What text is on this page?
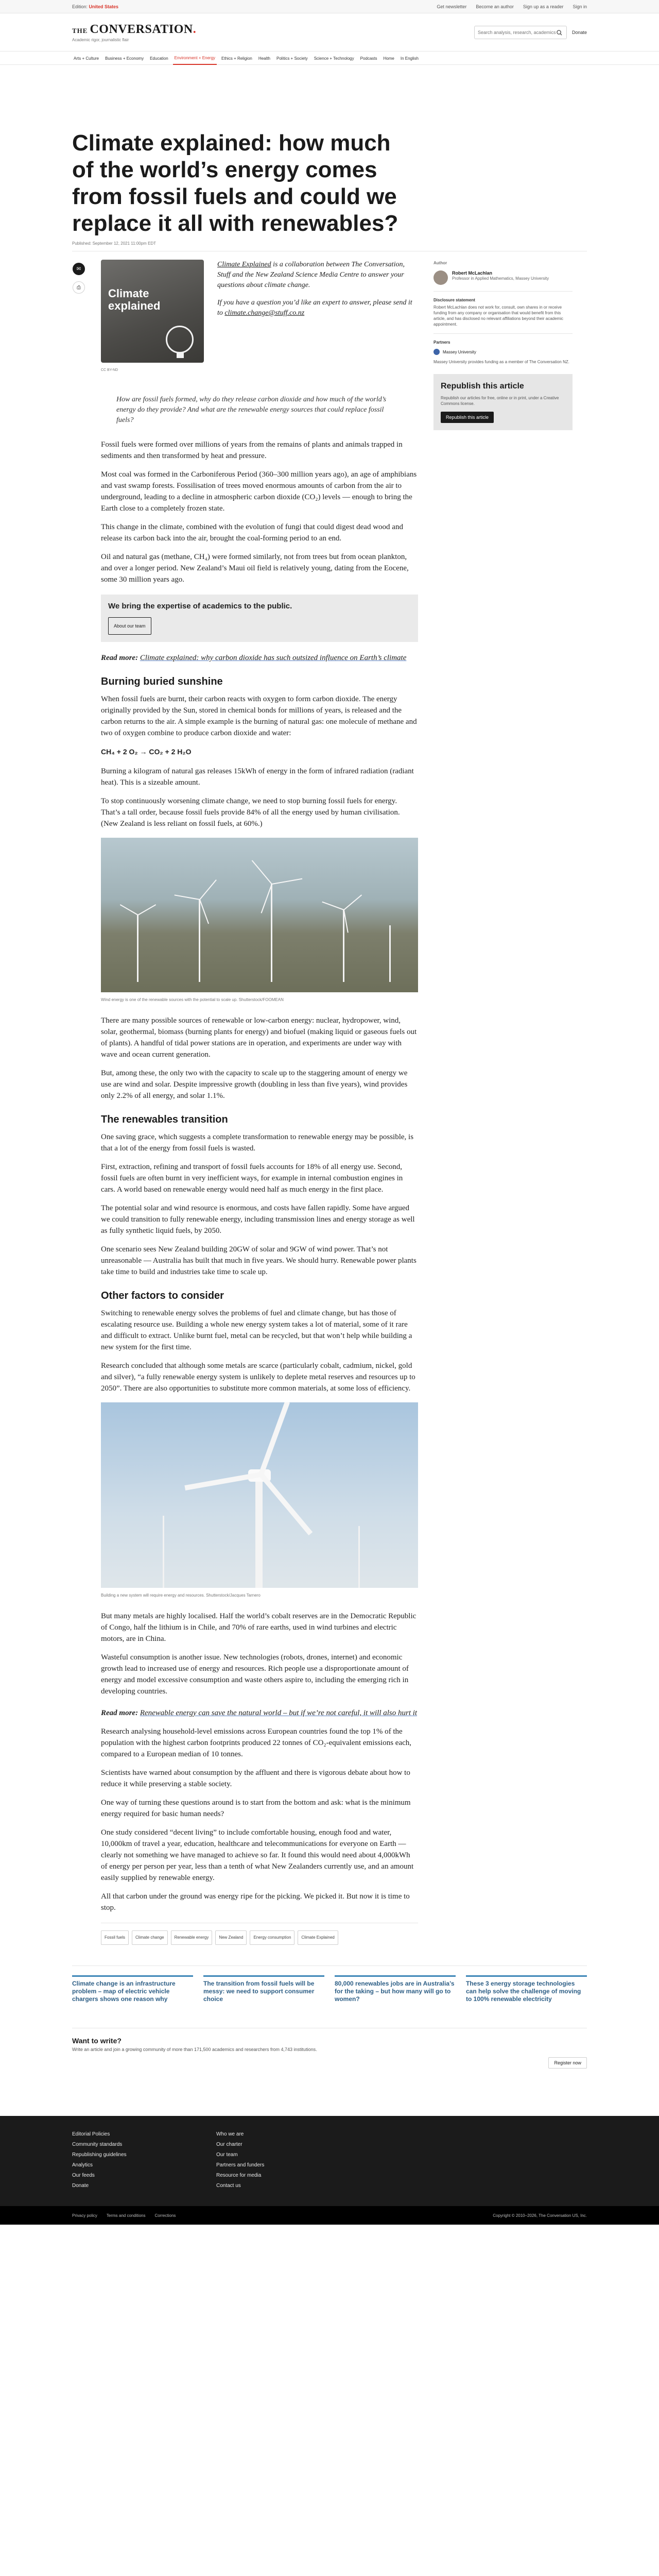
Edition: United States	Get newsletter Become an author Sign up as a reader Sign in
THE CONVERSATION.
Academic rigor, journalistic flair
Search analysis, research, academics…
Donate
Arts + Culture	Business + Economy	Education	Environment + Energy	Ethics + Religion	Health	Politics + Society	Science + Technology	Podcasts	Home	In English
Climate explained: how much of the world’s energy comes from fossil fuels and could we replace it all with renewables?
Published: September 12, 2021 11:00pm EDT
✉
⎙	Climate explained
CC BY-ND

Climate Explained is a collaboration between The Conversation, Stuff and the New Zealand Science Media Centre to answer your questions about climate change.

If you have a question you’d like an expert to answer, please send it to climate.change@stuff.co.nz

How are fossil fuels formed, why do they release carbon dioxide and how much of the world’s energy do they provide? And what are the renewable energy sources that could replace fossil fuels?

Fossil fuels were formed over millions of years from the remains of plants and animals trapped in sediments and then transformed by heat and pressure.

Most coal was formed in the Carboniferous Period (360–300 million years ago), an age of amphibians and vast swamp forests. Fossilisation of trees moved enormous amounts of carbon from the air to underground, leading to a decline in atmospheric carbon dioxide (CO₂) levels — enough to bring the Earth close to a completely frozen state.

This change in the climate, combined with the evolution of fungi that could digest dead wood and release its carbon back into the air, brought the coal-forming period to an end.

Oil and natural gas (methane, CH₄) were formed similarly, not from trees but from ocean plankton, and over a longer period. New Zealand’s Maui oil field is relatively young, dating from the Eocene, some 30 million years ago.

We bring the expertise of academics to the public.
About our team

Read more: Climate explained: why carbon dioxide has such outsized influence on Earth’s climate

Burning buried sunshine

When fossil fuels are burnt, their carbon reacts with oxygen to form carbon dioxide. The energy originally provided by the Sun, stored in chemical bonds for millions of years, is released and the carbon returns to the air. A simple example is the burning of natural gas: one molecule of methane and two of oxygen combine to produce carbon dioxide and water:

CH₄ + 2 O₂ → CO₂ + 2 H₂O

Burning a kilogram of natural gas releases 15kWh of energy in the form of infrared radiation (radiant heat). This is a sizeable amount.

To stop continuously worsening climate change, we need to stop burning fossil fuels for energy. That’s a tall order, because fossil fuels provide 84% of all the energy used by human civilisation. (New Zealand is less reliant on fossil fuels, at 60%.)

Wind energy is one of the renewable sources with the potential to scale up. Shutterstock/FOOMEAN

There are many possible sources of renewable or low-carbon energy: nuclear, hydropower, wind, solar, geothermal, biomass (burning plants for energy) and biofuel (making liquid or gaseous fuels out of plants). A handful of tidal power stations are in operation, and experiments are under way with wave and ocean current generation.

But, among these, the only two with the capacity to scale up to the staggering amount of energy we use are wind and solar. Despite impressive growth (doubling in less than five years), wind provides only 2.2% of all energy, and solar 1.1%.

The renewables transition

One saving grace, which suggests a complete transformation to renewable energy may be possible, is that a lot of the energy from fossil fuels is wasted.

First, extraction, refining and transport of fossil fuels accounts for 18% of all energy use. Second, fossil fuels are often burnt in very inefficient ways, for example in internal combustion engines in cars. A world based on renewable energy would need half as much energy in the first place.

The potential solar and wind resource is enormous, and costs have fallen rapidly. Some have argued we could transition to fully renewable energy, including transmission lines and energy storage as well as fully synthetic liquid fuels, by 2050.

One scenario sees New Zealand building 20GW of solar and 9GW of wind power. That’s not unreasonable — Australia has built that much in five years. We should hurry. Renewable power plants take time to build and industries take time to scale up.

Other factors to consider

Switching to renewable energy solves the problems of fuel and climate change, but has those of escalating resource use. Building a whole new energy system takes a lot of material, some of it rare and difficult to extract. Unlike burnt fuel, metal can be recycled, but that won’t help while building a new system for the first time.

Research concluded that although some metals are scarce (particularly cobalt, cadmium, nickel, gold and silver), “a fully renewable energy system is unlikely to deplete metal reserves and resources up to 2050”. There are also opportunities to substitute more common materials, at some loss of efficiency.

Building a new system will require energy and resources. Shutterstock/Jacques Tarnero

But many metals are highly localised. Half the world’s cobalt reserves are in the Democratic Republic of Congo, half the lithium is in Chile, and 70% of rare earths, used in wind turbines and electric motors, are in China.

Wasteful consumption is another issue. New technologies (robots, drones, internet) and economic growth lead to increased use of energy and resources. Rich people use a disproportionate amount of energy and model excessive consumption and waste others aspire to, including the emerging rich in developing countries.

Read more: Renewable energy can save the natural world – but if we’re not careful, it will also hurt it

Research analysing household-level emissions across European countries found the top 1% of the population with the highest carbon footprints produced 22 tonnes of CO₂-equivalent emissions each, compared to a European median of 10 tonnes.

Scientists have warned about consumption by the affluent and there is vigorous debate about how to reduce it while preserving a stable society.

One way of turning these questions around is to start from the bottom and ask: what is the minimum energy required for basic human needs?

One study considered “decent living” to include comfortable housing, enough food and water, 10,000km of travel a year, education, healthcare and telecommunications for everyone on Earth — clearly not something we have managed to achieve so far. It found this would need about 4,000kWh of energy per person per year, less than a tenth of what New Zealanders currently use, and an amount easily supplied by renewable energy.

All that carbon under the ground was energy ripe for the picking. We picked it. But now it is time to stop.

Fossil fuels	Climate change	Renewable energy	New Zealand	Energy consumption	Climate Explained
Author
Robert McLachlan
Professor in Applied Mathematics, Massey University
Disclosure statement
Robert McLachlan does not work for, consult, own shares in or receive funding from any company or organisation that would benefit from this article, and has disclosed no relevant affiliations beyond their academic appointment.
Partners
Massey University
Massey University provides funding as a member of The Conversation NZ.
Republish this article
Republish our articles for free, online or in print, under a Creative Commons license.
Republish this article
Climate change is an infrastructure problem – map of electric vehicle chargers shows one reason why
The transition from fossil fuels will be messy: we need to support consumer choice
80,000 renewables jobs are in Australia’s for the taking – but how many will go to women?
These 3 energy storage technologies can help solve the challenge of moving to 100% renewable electricity
Want to write?
Write an article and join a growing community of more than 171,500 academics and researchers from 4,743 institutions.
Register now
Editorial Policies
Community standards
Republishing guidelines
Analytics
Our feeds
Donate
Who we are
Our charter
Our team
Partners and funders
Resource for media
Contact us
Privacy policy Terms and conditions Corrections	Copyright © 2010–2026, The Conversation US, Inc.
